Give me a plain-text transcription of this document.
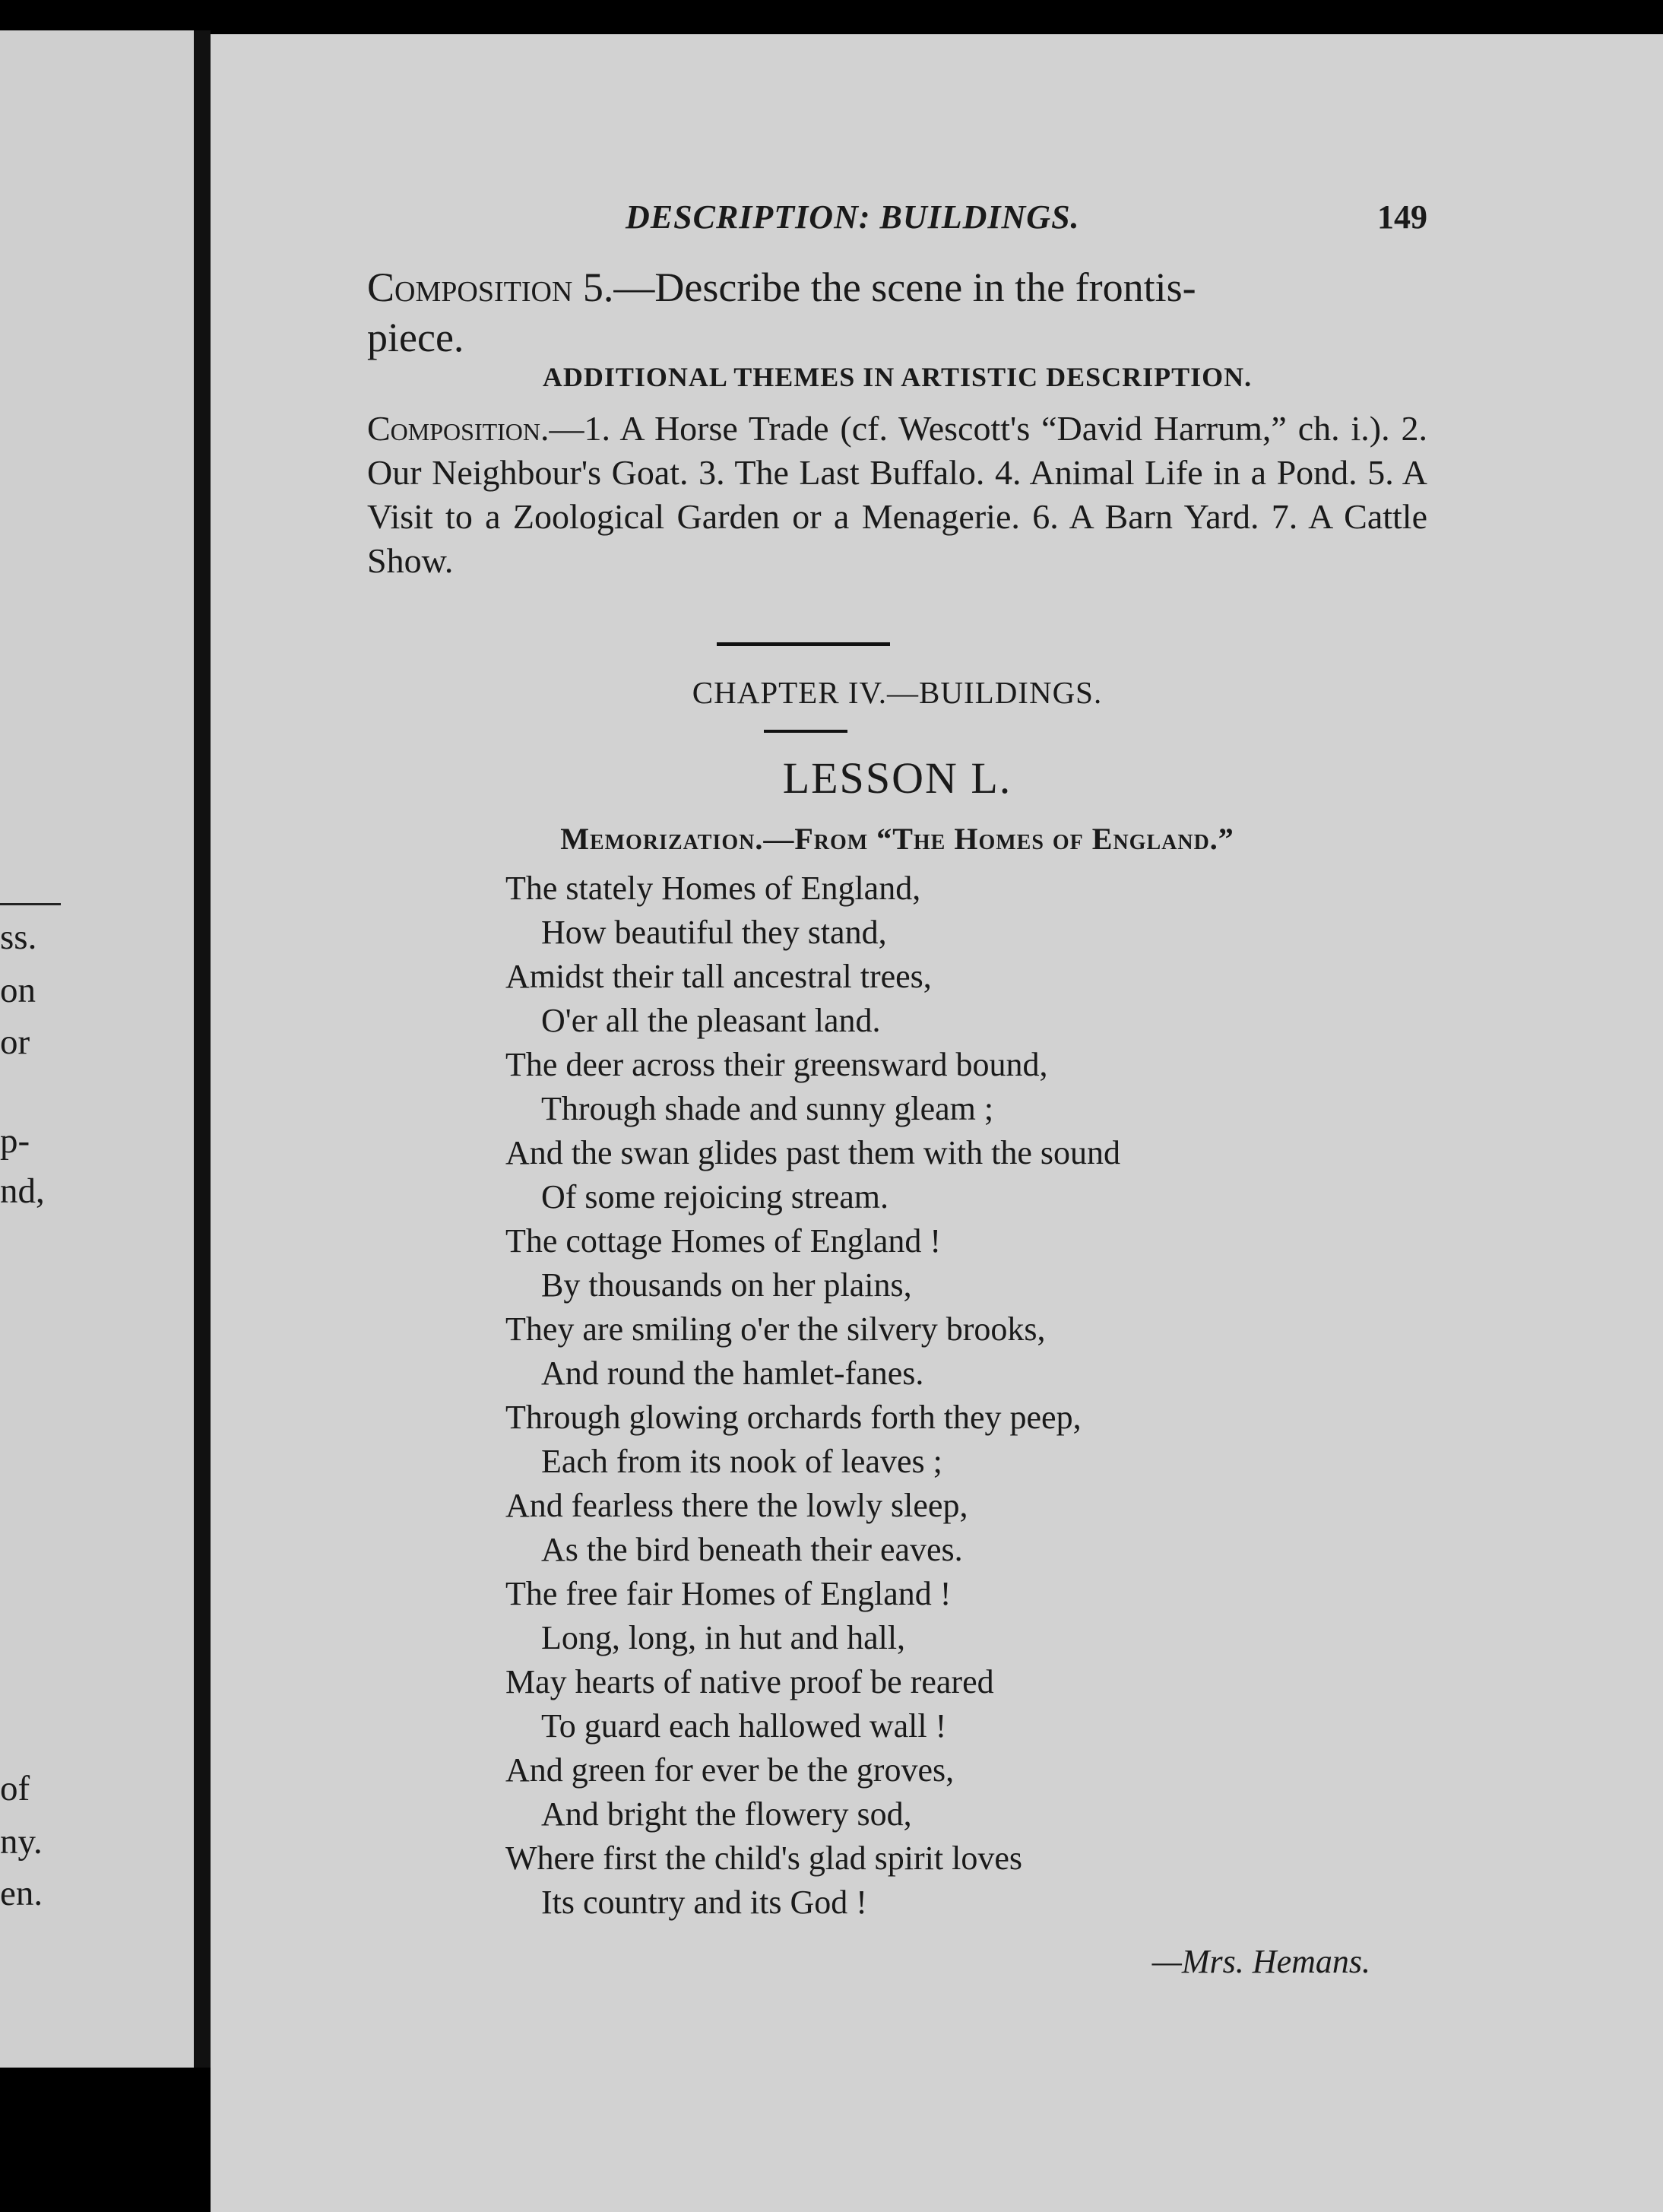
ss.
on
or
p-
nd,
of
ny.
en.
DESCRIPTION: BUILDINGS.	149
Composition 5.—Describe the scene in the frontis-
piece.
ADDITIONAL THEMES IN ARTISTIC DESCRIPTION.

Composition.—1. A Horse Trade (cf. Wescott's “David Harrum,” ch. i.). 2. Our Neighbour's Goat. 3. The Last Buffalo. 4. Animal Life in a Pond. 5. A Visit to a Zoological Garden or a Menagerie. 6. A Barn Yard. 7. A Cattle Show.

CHAPTER IV.—BUILDINGS.
LESSON L.
Memorization.—From “The Homes of England.”
The stately Homes of England,
How beautiful they stand,
Amidst their tall ancestral trees,
O'er all the pleasant land.
The deer across their greensward bound,
Through shade and sunny gleam ;
And the swan glides past them with the sound
Of some rejoicing stream.
The cottage Homes of England !
By thousands on her plains,
They are smiling o'er the silvery brooks,
And round the hamlet-fanes.
Through glowing orchards forth they peep,
Each from its nook of leaves ;
And fearless there the lowly sleep,
As the bird beneath their eaves.
The free fair Homes of England !
Long, long, in hut and hall,
May hearts of native proof be reared
To guard each hallowed wall !
And green for ever be the groves,
And bright the flowery sod,
Where first the child's glad spirit loves
Its country and its God !
—Mrs. Hemans.
